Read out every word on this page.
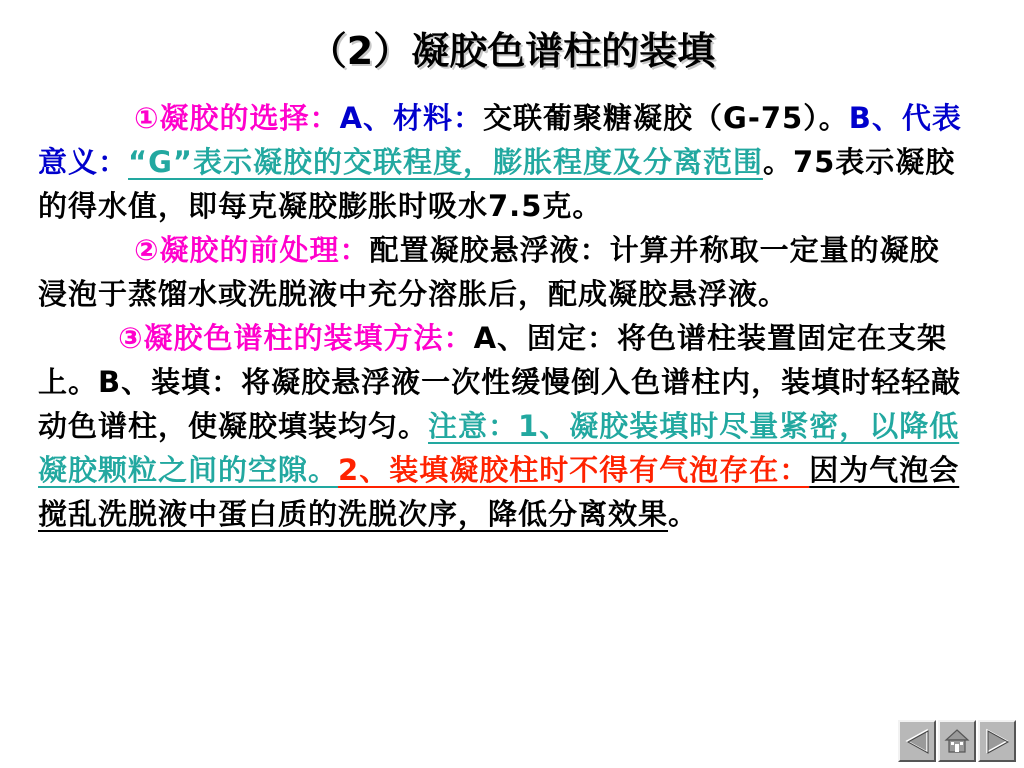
（2）凝胶色谱柱的装填

①凝胶的选择：A、材料：交联葡聚糖凝胶（G-75）。B、代表意义：“G”表示凝胶的交联程度，膨胀程度及分离范围。75表示凝胶的得水值，即每克凝胶膨胀时吸水7.5克。

②凝胶的前处理：配置凝胶悬浮液：计算并称取一定量的凝胶浸泡于蒸馏水或洗脱液中充分溶胀后，配成凝胶悬浮液。

③凝胶色谱柱的装填方法：A、固定：将色谱柱装置固定在支架上。B、装填：将凝胶悬浮液一次性缓慢倒入色谱柱内，装填时轻轻敲动色谱柱，使凝胶填装均匀。注意：1、凝胶装填时尽量紧密，以降低凝胶颗粒之间的空隙。2、装填凝胶柱时不得有气泡存在：因为气泡会搅乱洗脱液中蛋白质的洗脱次序，降低分离效果。
